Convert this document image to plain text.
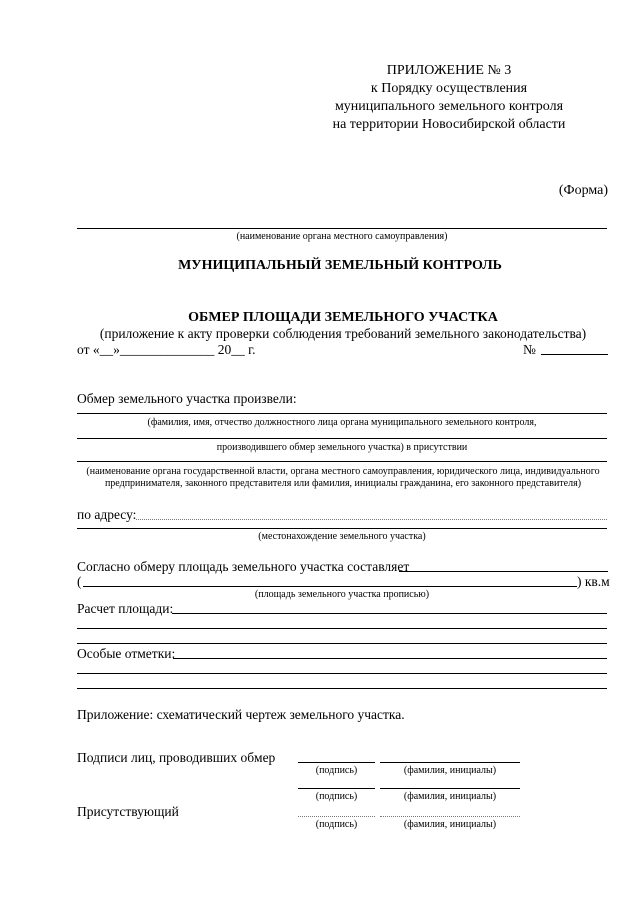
ПРИЛОЖЕНИЕ № 3
к Порядку осуществления
муниципального земельного контроля
на территории Новосибирской области
(Форма)
(наименование органа местного самоуправления)
МУНИЦИПАЛЬНЫЙ ЗЕМЕЛЬНЫЙ КОНТРОЛЬ
ОБМЕР ПЛОЩАДИ ЗЕМЕЛЬНОГО УЧАСТКА
(приложение к акту проверки соблюдения требований земельного законодательства)
от «__»______________ 20__ г.	№
Обмер земельного участка произвели:
(фамилия, имя, отчество должностного лица органа муниципального земельного контроля,
производившего обмер земельного участка) в присутствии
(наименование органа государственной власти, органа местного самоуправления, юридического лица, индивидуального предпринимателя, законного представителя или фамилия, инициалы гражданина, его законного представителя)
по адресу:
(местонахождение земельного участка)
Согласно обмеру площадь земельного участка составляет
(	) кв.м
(площадь земельного участка прописью)
Расчет площади:
Особые отметки:
Приложение: схематический чертеж земельного участка.
Подписи лиц, проводивших обмер
(подпись)	(фамилия, инициалы)
(подпись)	(фамилия, инициалы)
Присутствующий
(подпись)	(фамилия, инициалы)
